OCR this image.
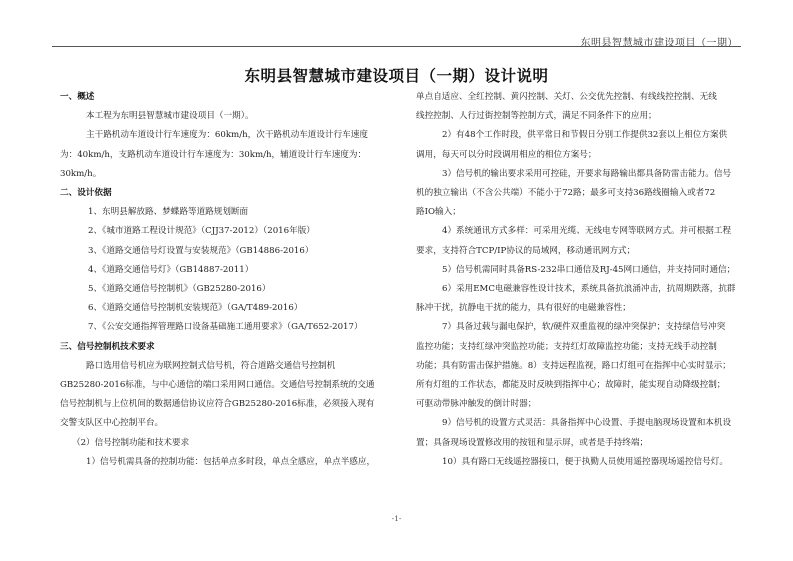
东明县智慧城市建设项目（一期）
东明县智慧城市建设项目（一期）设计说明
一、概述
本工程为东明县智慧城市建设项目（一期）。
主干路机动车道设计行车速度为：60km/h，次干路机动车道设计行车速度
为：40km/h，支路机动车道设计行车速度为：30km/h，辅道设计行车速度为：
30km/h。
二、设计依据
1、东明县解放路、梦蝶路等道路规划断面
2、《城市道路工程设计规范》（CJJ37-2012）（2016年版）
3、《道路交通信号灯设置与安装规范》（GB14886-2016）
4、《道路交通信号灯》（GB14887-2011）
5、《道路交通信号控制机》（GB25280-2016）
6、《道路交通信号控制机安装规范》（GA/T489-2016）
7、《公安交通指挥管理路口设备基础施工通用要求》（GA/T652-2017）
三、信号控制机技术要求
路口选用信号机应为联网控制式信号机，符合道路交通信号控制机
GB25280-2016标准，与中心通信的端口采用网口通信。交通信号控制系统的交通
信号控制机与上位机间的数据通信协议应符合GB25280-2016标准，必须接入现有
交警支队区中心控制平台。
（2）信号控制功能和技术要求
1）信号机需具备的控制功能：包括单点多时段，单点全感应，单点半感应，
单点自适应、全红控制、黄闪控制、关灯、公交优先控制、有线线控控制、无线
线控控制、人行过街控制等控制方式，满足不同条件下的应用；
2）有48个工作时段，供平常日和节假日分别工作提供32套以上相位方案供
调用，每天可以分时段调用相应的相位方案号；
3）信号机的输出要求采用可控硅，开要求每路输出都具备防雷击能力。信号
机的独立输出（不含公共端）不能小于72路；最多可支持36路线圈输入或者72
路IO输入；
4）系统通讯方式多样：可采用光缆、无线电专网等联网方式。并可根据工程
要求，支持符合TCP/IP协议的局域网，移动通讯网方式；
5）信号机需同时具备RS-232串口通信及RJ-45网口通信，并支持同时通信；
6）采用EMC电磁兼容性设计技术，系统具备抗浪涌冲击，抗周期跌落，抗群
脉冲干扰，抗静电干扰的能力，具有很好的电磁兼容性；
7）具备过载与漏电保护，软/硬件双重监视的绿冲突保护；支持绿信号冲突
监控功能；支持红绿冲突监控功能；支持红灯故障监控功能；支持无线手动控制
功能；具有防雷击保护措施。8）支持远程监视，路口灯组可在指挥中心实时显示；
所有灯组的工作状态，都能及时反映到指挥中心；故障时，能实现自动降级控制；
可驱动带脉冲触发的倒计时器；
9）信号机的设置方式灵活：具备指挥中心设置、手提电脑现场设置和本机设
置；具备现场设置修改用的按钮和显示屏，或者是手持终端；
10）具有路口无线遥控器接口，便于执勤人员使用遥控器现场遥控信号灯。
-1-
